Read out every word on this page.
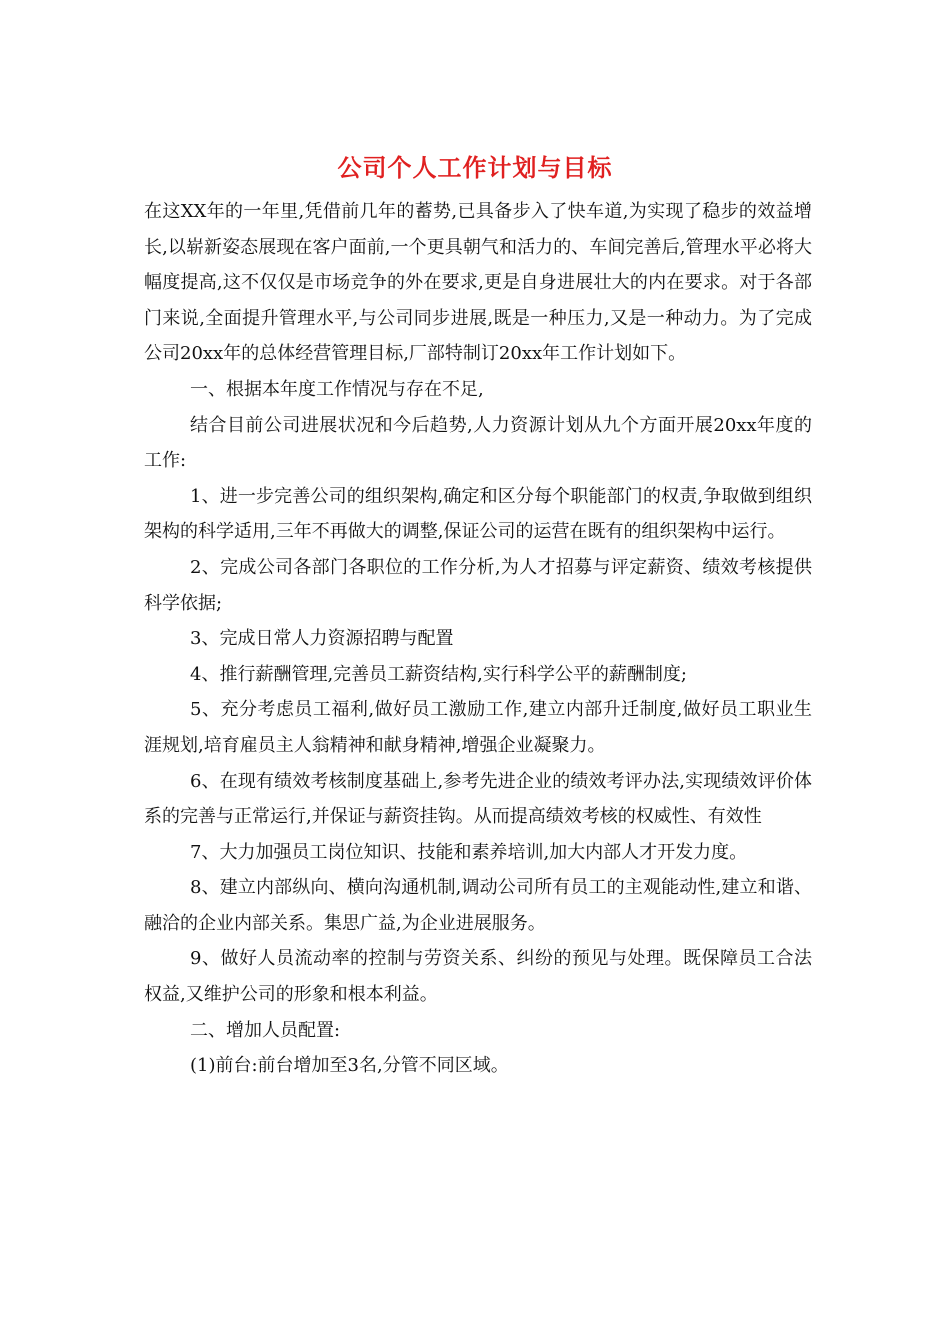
公司个人工作计划与目标

在这XX年的一年里,凭借前几年的蓄势,已具备步入了快车道,为实现了稳步的效益增长,以崭新姿态展现在客户面前,一个更具朝气和活力的、车间完善后,管理水平必将大幅度提高,这不仅仅是市场竞争的外在要求,更是自身进展壮大的内在要求。对于各部门来说,全面提升管理水平,与公司同步进展,既是一种压力,又是一种动力。为了完成公司20xx年的总体经营管理目标,厂部特制订20xx年工作计划如下。

一、根据本年度工作情况与存在不足,

结合目前公司进展状况和今后趋势,人力资源计划从九个方面开展20xx年度的工作:

1、进一步完善公司的组织架构,确定和区分每个职能部门的权责,争取做到组织架构的科学适用,三年不再做大的调整,保证公司的运营在既有的组织架构中运行。

2、完成公司各部门各职位的工作分析,为人才招募与评定薪资、绩效考核提供科学依据;

3、完成日常人力资源招聘与配置

4、推行薪酬管理,完善员工薪资结构,实行科学公平的薪酬制度;

5、充分考虑员工福利,做好员工激励工作,建立内部升迁制度,做好员工职业生涯规划,培育雇员主人翁精神和献身精神,增强企业凝聚力。

6、在现有绩效考核制度基础上,参考先进企业的绩效考评办法,实现绩效评价体系的完善与正常运行,并保证与薪资挂钩。从而提高绩效考核的权威性、有效性

7、大力加强员工岗位知识、技能和素养培训,加大内部人才开发力度。

8、建立内部纵向、横向沟通机制,调动公司所有员工的主观能动性,建立和谐、融洽的企业内部关系。集思广益,为企业进展服务。

9、做好人员流动率的控制与劳资关系、纠纷的预见与处理。既保障员工合法权益,又维护公司的形象和根本利益。

二、增加人员配置:

(1)前台:前台增加至3名,分管不同区域。
